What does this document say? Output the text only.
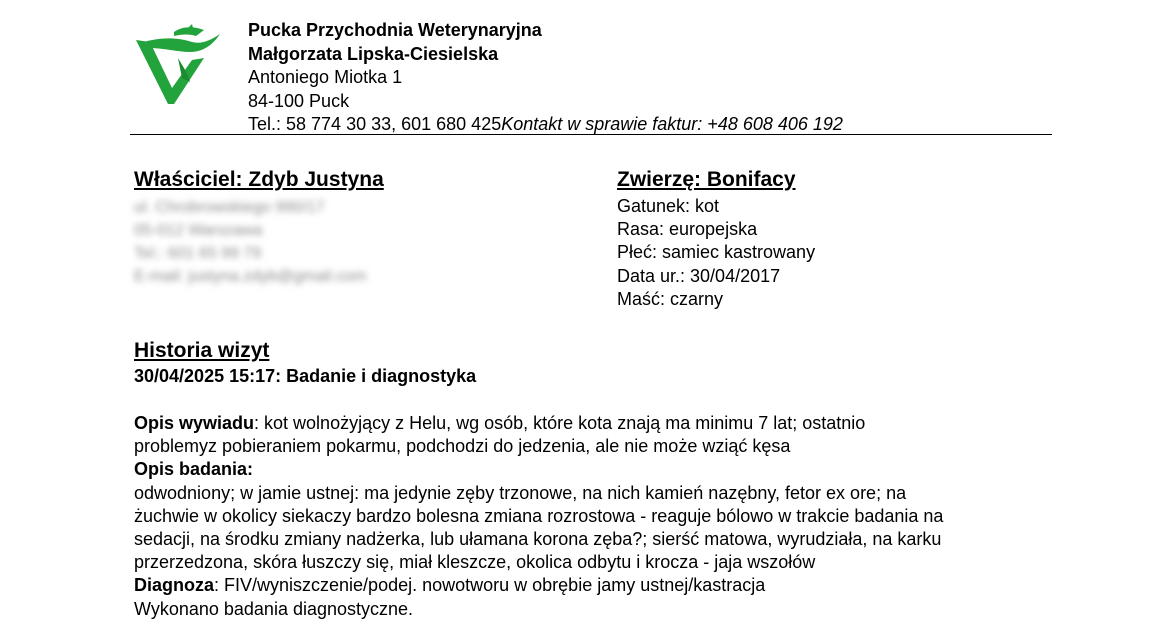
Pucka Przychodnia Weterynaryjna
Małgorzata Lipska-Ciesielska
Antoniego Miotka 1
84-100 Puck
Tel.: 58 774 30 33, 601 680 425Kontakt w sprawie faktur: +48 608 406 192
Właściciel: Zdyb Justyna
ul. Chrobrowskiego 990/17
05-012 Warszawa
Tel.: 601 65 99 79
E-mail: justyna.zdyb@gmail.com
Zwierzę: Bonifacy
Gatunek: kot
Rasa: europejska
Płeć: samiec kastrowany
Data ur.: 30/04/2017
Maść: czarny
Historia wizyt
30/04/2025 15:17: Badanie i diagnostyka
Opis wywiadu: kot wolnożyjący z Helu, wg osób, które kota znają ma minimu 7 lat; ostatnio
problemyz pobieraniem pokarmu, podchodzi do jedzenia, ale nie może wziąć kęsa
Opis badania:
odwodniony; w jamie ustnej: ma jedynie zęby trzonowe, na nich kamień nazębny, fetor ex ore; na
żuchwie w okolicy siekaczy bardzo bolesna zmiana rozrostowa - reaguje bólowo w trakcie badania na
sedacji, na środku zmiany nadżerka, lub ułamana korona zęba?; sierść matowa, wyrudziała, na karku
przerzedzona, skóra łuszczy się, miał kleszcze, okolica odbytu i krocza - jaja wszołów
Diagnoza: FIV/wyniszczenie/podej. nowotworu w obrębie jamy ustnej/kastracja
Wykonano badania diagnostyczne.
